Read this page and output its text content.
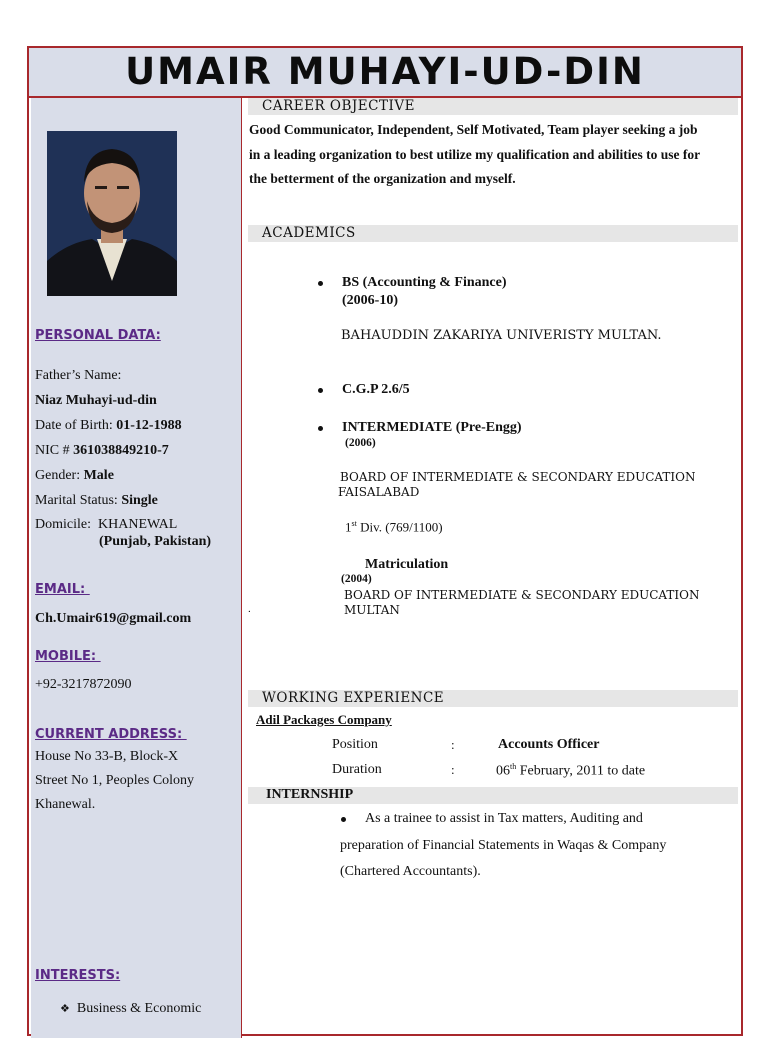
UMAIR MUHAYI-UD-DIN
PERSONAL DATA:
Father’s Name:
Niaz Muhayi-ud-din
Date of Birth: 01-12-1988
NIC # 361038849210-7
Gender: Male
Marital Status: Single
Domicile: KHANEWAL
(Punjab, Pakistan)
EMAIL:
Ch.Umair619@gmail.com
MOBILE:
+92-3217872090
CURRENT ADDRESS:
House No 33-B, Block-X
Street No 1, Peoples Colony
Khanewal.
INTERESTS:
❖ Business & Economic
CAREER OBJECTIVE
Good Communicator, Independent, Self Motivated, Team player seeking a job
in a leading organization to best utilize my qualification and abilities to use for
the betterment of the organization and myself.
ACADEMICS
BS (Accounting & Finance)
(2006-10)
BAHAUDDIN ZAKARIYA UNIVERISTY MULTAN.
C.G.P 2.6/5
INTERMEDIATE (Pre-Engg)
(2006)
BOARD OF INTERMEDIATE & SECONDARY EDUCATION
FAISALABAD
1st Div. (769/1100)
Matriculation
(2004)
BOARD OF INTERMEDIATE & SECONDARY EDUCATION
MULTAN
.
WORKING EXPERIENCE
Adil Packages Company
Position	:	Accounts Officer
Duration	:	06th February, 2011 to date
INTERNSHIP
As a trainee to assist in Tax matters, Auditing and
preparation of Financial Statements in Waqas & Company
(Chartered Accountants).
